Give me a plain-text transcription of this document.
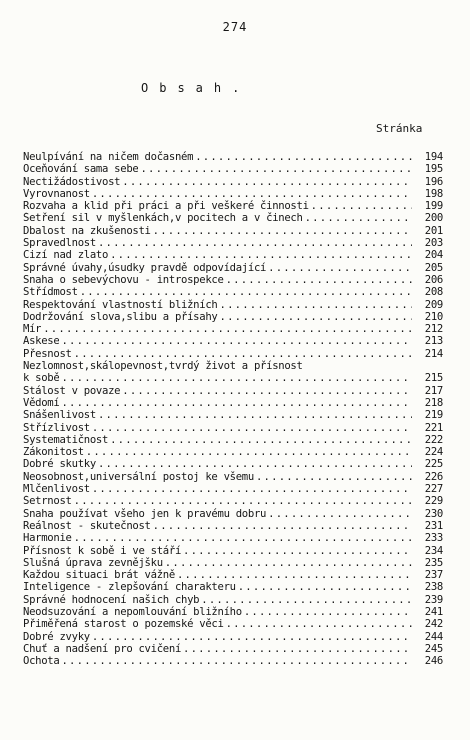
274
Obsah.
Stránka
Neulpívání na ničem dočasném .....	194
Oceňování sama sebe .....	195
Nectižádostivost .....	196
Vyrovnanost .....	198
Rozvaha a klid při práci a při veškeré činnosti .....	199
Šetření sil v myšlenkách,v pocitech a v činech .....	200
Dbalost na zkušenosti .....	201
Spravedlnost .....	203
Cizí nad zlato .....	204
Správné úvahy,úsudky pravdě odpovídající .....	205
Snaha o sebevýchovu - introspekce .....	206
Střídmost .....	208
Respektování vlastností bližních .....	209
Dodržování slova,slibu a přísahy .....	210
Mír .....	212
Askese .....	213
Přesnost .....	214
Nezlomnost,skálopevnost,tvrdý život a přísnost
k sobě .....	215
Stálost v povaze .....	217
Vědomí .....	218
Snášenlivost .....	219
Střízlivost .....	221
Systematičnost .....	222
Zákonitost .....	224
Dobré skutky .....	225
Neosobnost,universální postoj ke všemu .....	226
Mlčenlivost .....	227
Šetrnost .....	229
Snaha používat všeho jen k pravému dobru .....	230
Reálnost - skutečnost .....	231
Harmonie .....	233
Přísnost k sobě i ve stáří .....	234
Slušná úprava zevnějšku .....	235
Každou situaci brát vážně .....	237
Inteligence - zlepšování charakteru .....	238
Správné hodnocení našich chyb .....	239
Neodsuzování a nepomlouvání bližního .....	241
Přiměřená starost o pozemské věci .....	242
Dobré zvyky .....	244
Chuť a nadšení pro cvičení .....	245
Ochota .....	246
